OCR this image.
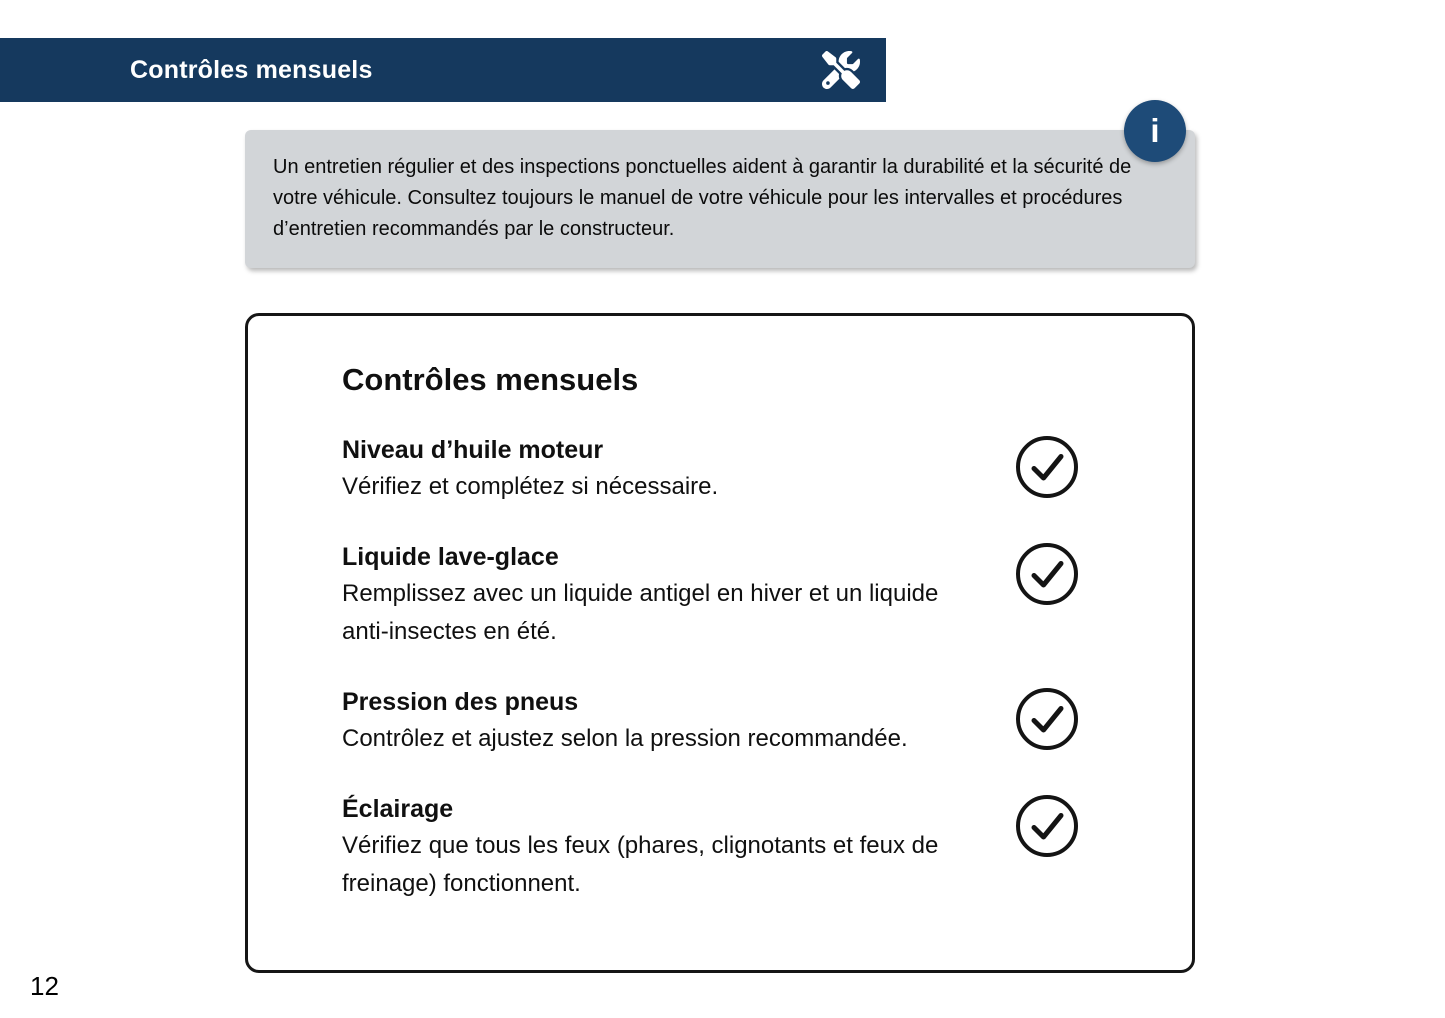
Contrôles mensuels
i

Un entretien régulier et des inspections ponctuelles aident à garantir la durabilité et la sécurité de votre véhicule. Consultez toujours le manuel de votre véhicule pour les intervalles et procédures d’entretien recommandés par le constructeur.

Contrôles mensuels
Niveau d’huile moteur
Vérifiez et complétez si nécessaire.
Liquide lave-glace
Remplissez avec un liquide antigel en hiver et un liquide anti-insectes en été.
Pression des pneus
Contrôlez et ajustez selon la pression recommandée.
Éclairage
Vérifiez que tous les feux (phares, clignotants et feux de freinage) fonctionnent.
12
